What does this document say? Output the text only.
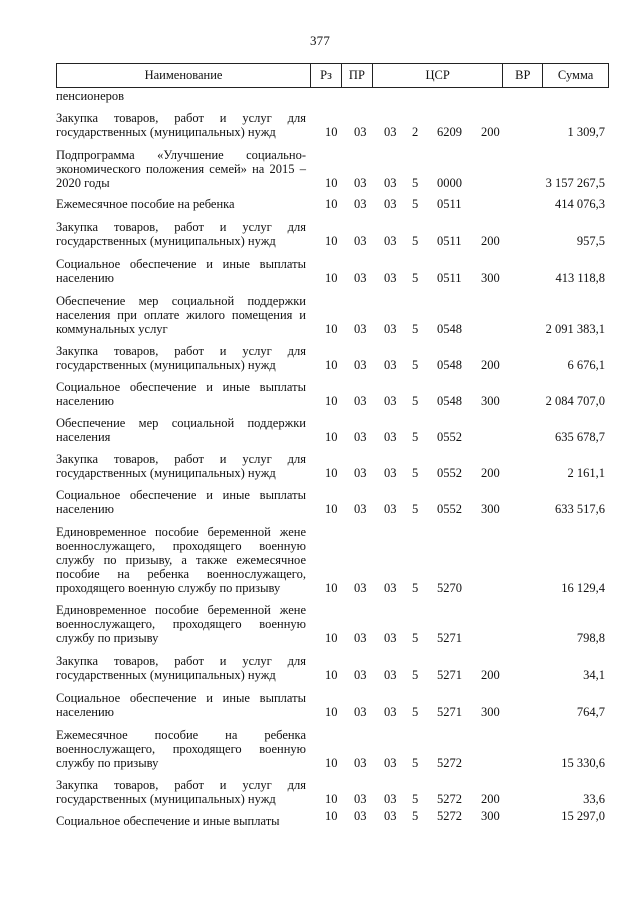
377
Наименование	Рз	ПР	ЦСР	ВР	Сумма
пенсионеров
Закупка товаров, работ и услуг для государственных (муниципальных) нужд	10 03 03 2 6209 200	1 309,7
Подпрограмма «Улучшение социально-экономического положения семей» на 2015 – 2020 годы	10 03 03 5 0000	3 157 267,5
Ежемесячное пособие на ребенка	10 03 03 5 0511	414 076,3
Закупка товаров, работ и услуг для государственных (муниципальных) нужд	10 03 03 5 0511 200	957,5
Социальное обеспечение и иные выплаты населению	10 03 03 5 0511 300	413 118,8
Обеспечение мер социальной поддержки населения при оплате жилого помещения и коммунальных услуг	10 03 03 5 0548	2 091 383,1
Закупка товаров, работ и услуг для государственных (муниципальных) нужд	10 03 03 5 0548 200	6 676,1
Социальное обеспечение и иные выплаты населению	10 03 03 5 0548 300	2 084 707,0
Обеспечение мер социальной поддержки населения	10 03 03 5 0552	635 678,7
Закупка товаров, работ и услуг для государственных (муниципальных) нужд	10 03 03 5 0552 200	2 161,1
Социальное обеспечение и иные выплаты населению	10 03 03 5 0552 300	633 517,6
Единовременное пособие беременной жене военнослужащего, проходящего военную службу по призыву, а также ежемесячное пособие на ребенка военнослужащего, проходящего военную службу по призыву	10 03 03 5 5270	16 129,4
Единовременное пособие беременной жене военнослужащего, проходящего военную службу по призыву	10 03 03 5 5271	798,8
Закупка товаров, работ и услуг для государственных (муниципальных) нужд	10 03 03 5 5271 200	34,1
Социальное обеспечение и иные выплаты населению	10 03 03 5 5271 300	764,7
Ежемесячное пособие на ребенка военнослужащего, проходящего военную службу по призыву	10 03 03 5 5272	15 330,6
Закупка товаров, работ и услуг для государственных (муниципальных) нужд	10 03 03 5 5272 200	33,6
Социальное обеспечение и иные выплаты	10 03 03 5 5272 300	15 297,0
